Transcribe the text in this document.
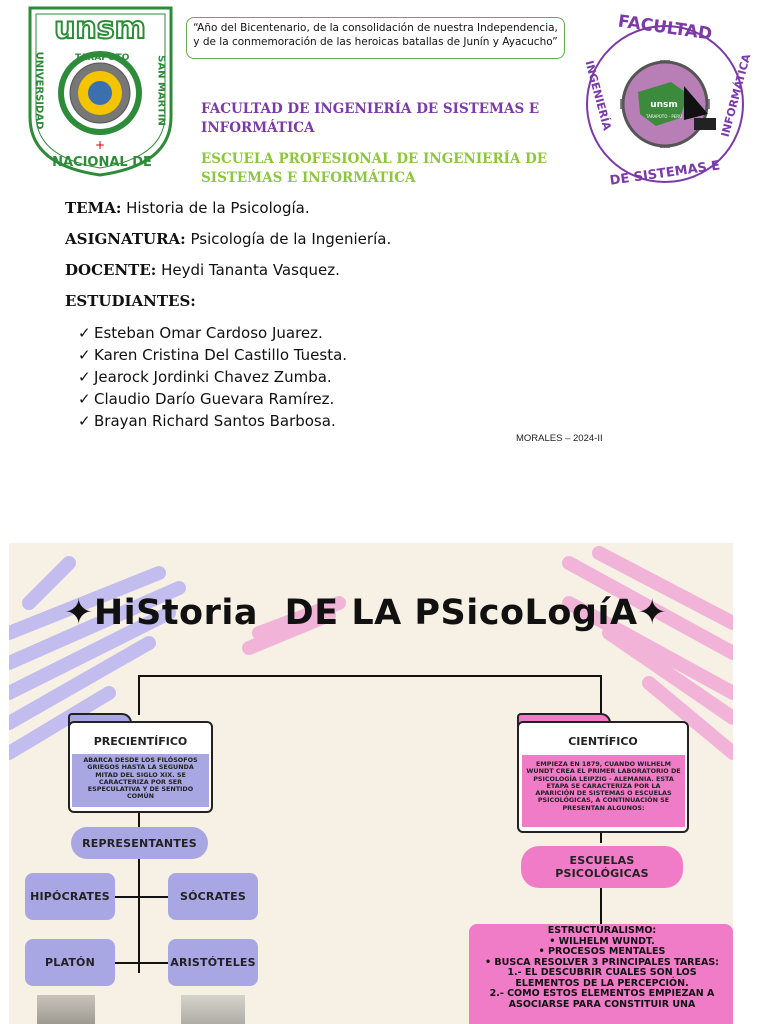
unsm
+
TARAPOTO
UNIVERSIDAD	SAN MARTIN
NACIONAL DE
“Año del Bicentenario, de la consolidación de nuestra Independencia, y de la conmemoración de las heroicas batallas de Junín y Ayacucho”
FACULTAD DE INGENIERÍA DE SISTEMAS E INFORMÁTICA
ESCUELA PROFESIONAL DE INGENIERÍA DE SISTEMAS E INFORMÁTICA
unsm
TARAPOTO - PERÚ
FACULTAD
INGENIERÍA	INFORMÁTICA
DE SISTEMAS E
TEMA: Historia de la Psicología.
ASIGNATURA: Psicología de la Ingeniería.
DOCENTE: Heydi Tananta Vasquez.
ESTUDIANTES:
✓ Esteban Omar Cardoso Juarez.
✓ Karen Cristina Del Castillo Tuesta.
✓ Jearock Jordinki Chavez Zumba.
✓ Claudio Darío Guevara Ramírez.
✓ Brayan Richard Santos Barbosa.
MORALES – 2024-II
✦HiStoria DE LA PSicoLogíA✦
PRECIENTÍFICO
ABARCA DESDE LOS FILÓSOFOS GRIEGOS HASTA LA SEGUNDA MITAD DEL SIGLO XIX. SE CARACTERIZA POR SER ESPECULATIVA Y DE SENTIDO COMÚN
CIENTÍFICO
EMPIEZA EN 1879, CUANDO WILHELM WUNDT CREA EL PRIMER LABORATORIO DE PSICOLOGÍA LEIPZIG - ALEMANIA. ESTA ETAPA SE CARACTERIZA POR LA APARICIÓN DE SISTEMAS O ESCUELAS PSICOLÓGICAS, A CONTINUACIÓN SE PRESENTAN ALGUNOS:
REPRESENTANTES
HIPÓCRATES	SÓCRATES
PLATÓN	ARISTÓTELES
ESCUELAS PSICOLÓGICAS
ESTRUCTURALISMO:
• WILHELM WUNDT.
• PROCESOS MENTALES
• BUSCA RESOLVER 3 PRINCIPALES TAREAS:
1.- EL DESCUBRIR CUALES SON LOS ELEMENTOS DE LA PERCEPCIÓN.
2.- COMO ESTOS ELEMENTOS EMPIEZAN A ASOCIARSE PARA CONSTITUIR UNA
